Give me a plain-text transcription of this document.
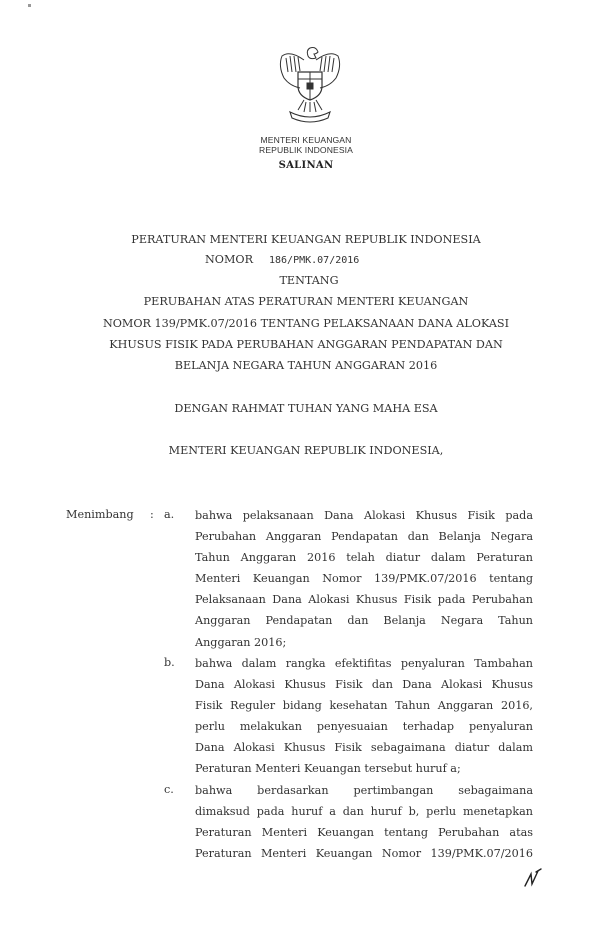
MENTERI KEUANGAN
REPUBLIK INDONESIA
SALINAN
PERATURAN MENTERI KEUANGAN REPUBLIK INDONESIA
NOMOR 186/PMK.07/2016
TENTANG
PERUBAHAN ATAS PERATURAN MENTERI KEUANGAN
NOMOR 139/PMK.07/2016 TENTANG PELAKSANAAN DANA ALOKASI
KHUSUS FISIK PADA PERUBAHAN ANGGARAN PENDAPATAN DAN
BELANJA NEGARA TAHUN ANGGARAN 2016
DENGAN RAHMAT TUHAN YANG MAHA ESA
MENTERI KEUANGAN REPUBLIK INDONESIA,
Menimbang : a. bahwa pelaksanaan Dana Alokasi Khusus Fisik pada
Perubahan Anggaran Pendapatan dan Belanja Negara
Tahun Anggaran 2016 telah diatur dalam Peraturan
Menteri Keuangan Nomor 139/PMK.07/2016 tentang
Pelaksanaan Dana Alokasi Khusus Fisik pada Perubahan
Anggaran Pendapatan dan Belanja Negara Tahun
Anggaran 2016;
b. bahwa dalam rangka efektifitas penyaluran Tambahan
Dana Alokasi Khusus Fisik dan Dana Alokasi Khusus
Fisik Reguler bidang kesehatan Tahun Anggaran 2016,
perlu melakukan penyesuaian terhadap penyaluran
Dana Alokasi Khusus Fisik sebagaimana diatur dalam
Peraturan Menteri Keuangan tersebut huruf a;
c. bahwa berdasarkan pertimbangan sebagaimana
dimaksud pada huruf a dan huruf b, perlu menetapkan
Peraturan Menteri Keuangan tentang Perubahan atas
Peraturan Menteri Keuangan Nomor 139/PMK.07/2016
